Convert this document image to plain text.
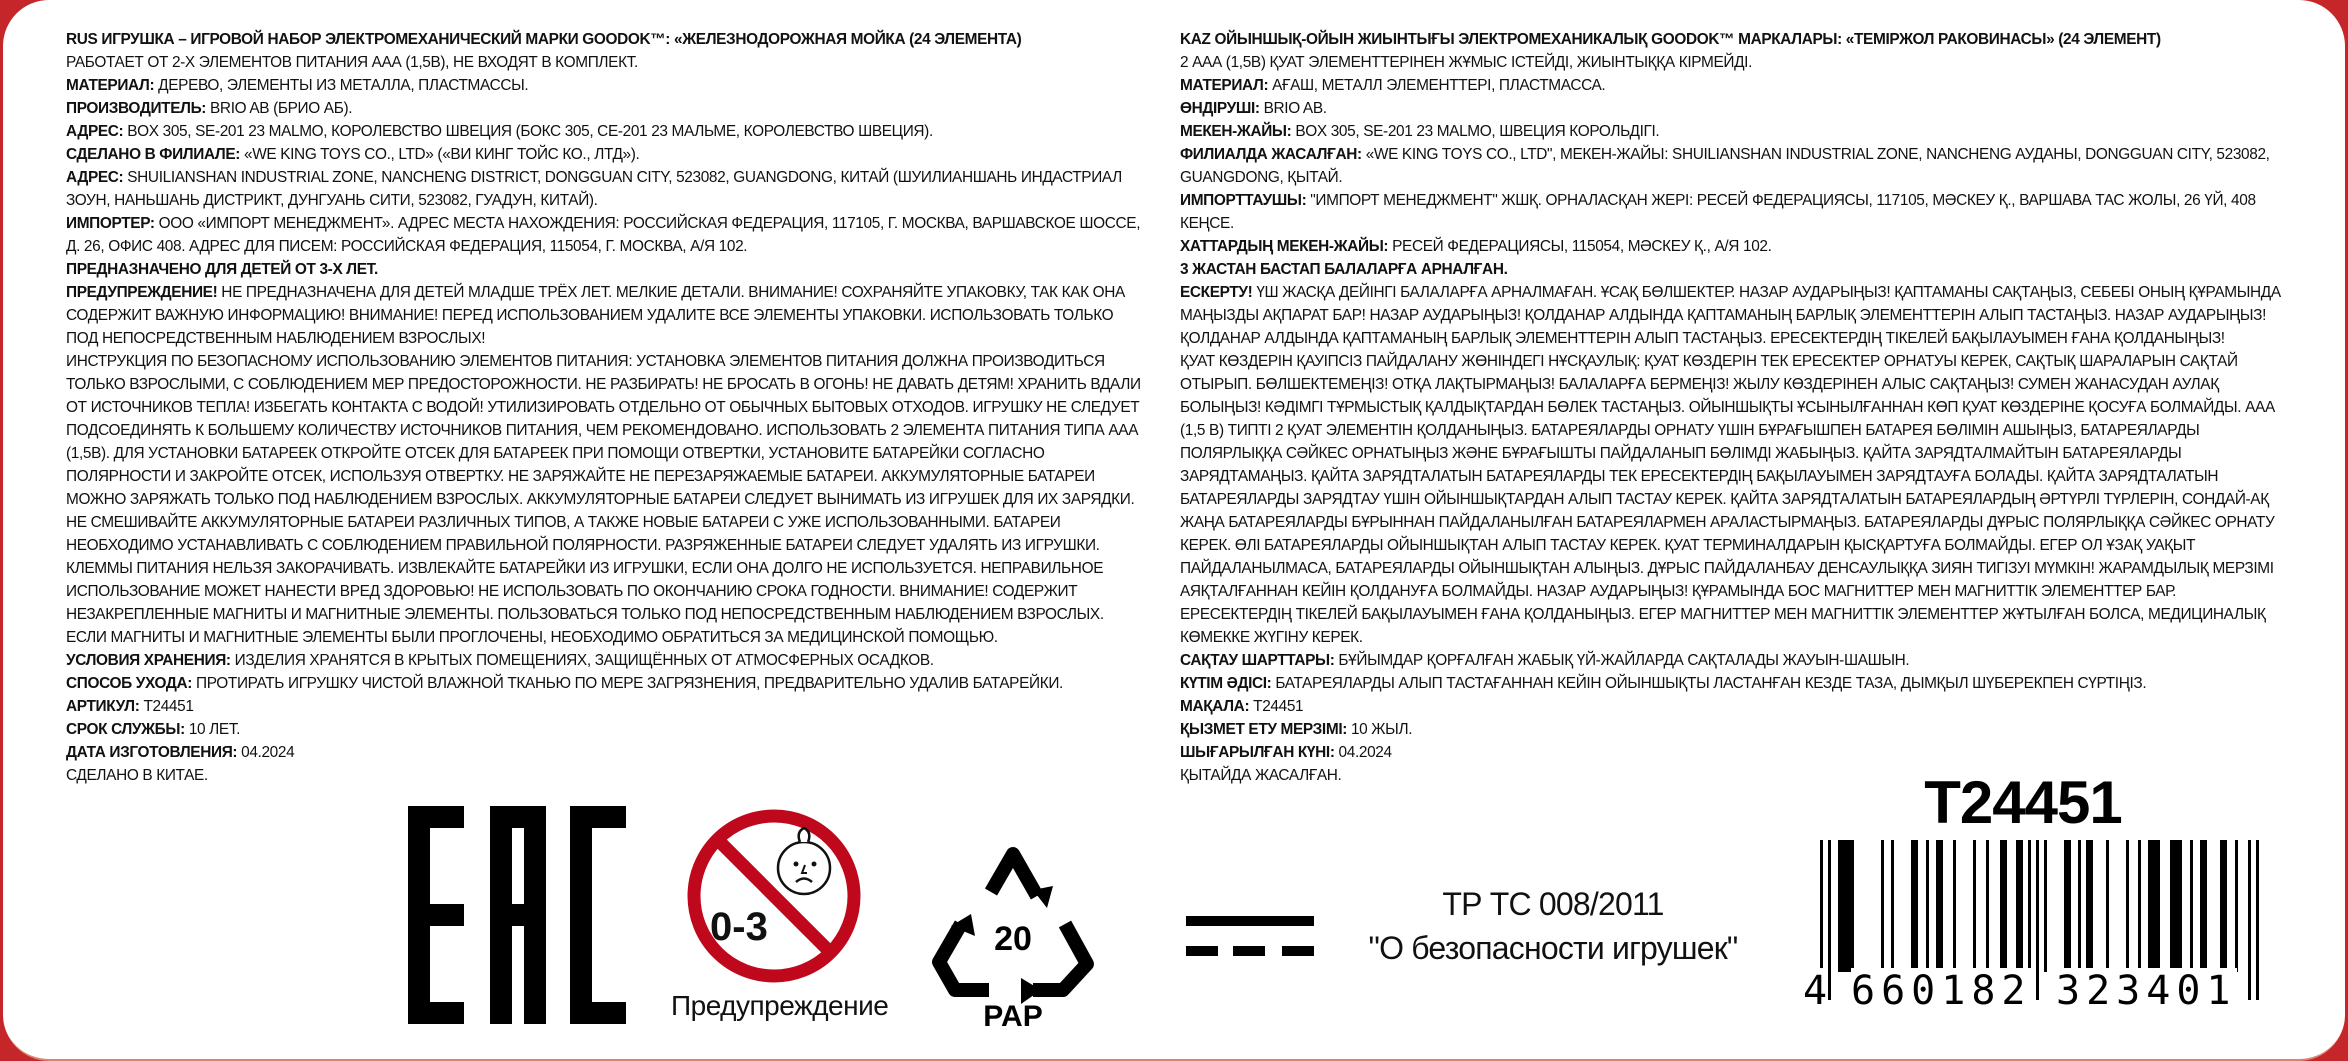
RUS ИГРУШКА – ИГРОВОЙ НАБОР ЭЛЕКТРОМЕХАНИЧЕСКИЙ МАРКИ GOODOK™: «ЖЕЛЕЗНОДОРОЖНАЯ МОЙКА (24 ЭЛЕМЕНТА)

РАБОТАЕТ ОТ 2-Х ЭЛЕМЕНТОВ ПИТАНИЯ ААА (1,5В), НЕ ВХОДЯТ В КОМПЛЕКТ.

МАТЕРИАЛ: ДЕРЕВО, ЭЛЕМЕНТЫ ИЗ МЕТАЛЛА, ПЛАСТМАССЫ.

ПРОИЗВОДИТЕЛЬ: BRIO AB (БРИО АБ).

АДРЕС: BOX 305, SE-201 23 MALMO, КОРОЛЕВСТВО ШВЕЦИЯ (БОКС 305, СЕ-201 23 МАЛЬМЕ, КОРОЛЕВСТВО ШВЕЦИЯ).

СДЕЛАНО В ФИЛИАЛЕ: «WE KING TOYS CO., LTD» («ВИ КИНГ ТОЙС КО., ЛТД»).

АДРЕС: SHUILIANSHAN INDUSTRIAL ZONE, NANCHENG DISTRICT, DONGGUAN CITY, 523082, GUANGDONG, КИТАЙ (ШУИЛИАНШАНЬ ИНДАСТРИАЛ ЗОУН, НАНЬШАНЬ ДИСТРИКТ, ДУНГУАНЬ СИТИ, 523082, ГУАДУН, КИТАЙ).

ИМПОРТЕР: ООО «ИМПОРТ МЕНЕДЖМЕНТ». АДРЕС МЕСТА НАХОЖДЕНИЯ: РОССИЙСКАЯ ФЕДЕРАЦИЯ, 117105, Г. МОСКВА, ВАРШАВСКОЕ ШОССЕ, Д. 26, ОФИС 408. АДРЕС ДЛЯ ПИСЕМ: РОССИЙСКАЯ ФЕДЕРАЦИЯ, 115054, Г. МОСКВА, А/Я 102.

ПРЕДНАЗНАЧЕНО ДЛЯ ДЕТЕЙ ОТ 3-Х ЛЕТ.

ПРЕДУПРЕЖДЕНИЕ! НЕ ПРЕДНАЗНАЧЕНА ДЛЯ ДЕТЕЙ МЛАДШЕ ТРЁХ ЛЕТ. МЕЛКИЕ ДЕТАЛИ. ВНИМАНИЕ! СОХРАНЯЙТЕ УПАКОВКУ, ТАК КАК ОНА СОДЕРЖИТ ВАЖНУЮ ИНФОРМАЦИЮ! ВНИМАНИЕ! ПЕРЕД ИСПОЛЬЗОВАНИЕМ УДАЛИТЕ ВСЕ ЭЛЕМЕНТЫ УПАКОВКИ. ИСПОЛЬЗОВАТЬ ТОЛЬКО ПОД НЕПОСРЕДСТВЕННЫМ НАБЛЮДЕНИЕМ ВЗРОСЛЫХ!

ИНСТРУКЦИЯ ПО БЕЗОПАСНОМУ ИСПОЛЬЗОВАНИЮ ЭЛЕМЕНТОВ ПИТАНИЯ: УСТАНОВКА ЭЛЕМЕНТОВ ПИТАНИЯ ДОЛЖНА ПРОИЗВОДИТЬСЯ ТОЛЬКО ВЗРОСЛЫМИ, С СОБЛЮДЕНИЕМ МЕР ПРЕДОСТОРОЖНОСТИ. НЕ РАЗБИРАТЬ! НЕ БРОСАТЬ В ОГОНЬ! НЕ ДАВАТЬ ДЕТЯМ! ХРАНИТЬ ВДАЛИ ОТ ИСТОЧНИКОВ ТЕПЛА! ИЗБЕГАТЬ КОНТАКТА С ВОДОЙ! УТИЛИЗИРОВАТЬ ОТДЕЛЬНО ОТ ОБЫЧНЫХ БЫТОВЫХ ОТХОДОВ. ИГРУШКУ НЕ СЛЕДУЕТ ПОДСОЕДИНЯТЬ К БОЛЬШЕМУ КОЛИЧЕСТВУ ИСТОЧНИКОВ ПИТАНИЯ, ЧЕМ РЕКОМЕНДОВАНО. ИСПОЛЬЗОВАТЬ 2 ЭЛЕМЕНТА ПИТАНИЯ ТИПА ААА (1,5В). ДЛЯ УСТАНОВКИ БАТАРЕЕК ОТКРОЙТЕ ОТСЕК ДЛЯ БАТАРЕЕК ПРИ ПОМОЩИ ОТВЕРТКИ, УСТАНОВИТЕ БАТАРЕЙКИ СОГЛАСНО ПОЛЯРНОСТИ И ЗАКРОЙТЕ ОТСЕК, ИСПОЛЬЗУЯ ОТВЕРТКУ. НЕ ЗАРЯЖАЙТЕ НЕ ПЕРЕЗАРЯЖАЕМЫЕ БАТАРЕИ. АККУМУЛЯТОРНЫЕ БАТАРЕИ МОЖНО ЗАРЯЖАТЬ ТОЛЬКО ПОД НАБЛЮДЕНИЕМ ВЗРОСЛЫХ. АККУМУЛЯТОРНЫЕ БАТАРЕИ СЛЕДУЕТ ВЫНИМАТЬ ИЗ ИГРУШЕК ДЛЯ ИХ ЗАРЯДКИ. НЕ СМЕШИВАЙТЕ АККУМУЛЯТОРНЫЕ БАТАРЕИ РАЗЛИЧНЫХ ТИПОВ, А ТАКЖЕ НОВЫЕ БАТАРЕИ С УЖЕ ИСПОЛЬЗОВАННЫМИ. БАТАРЕИ НЕОБХОДИМО УСТАНАВЛИВАТЬ С СОБЛЮДЕНИЕМ ПРАВИЛЬНОЙ ПОЛЯРНОСТИ. РАЗРЯЖЕННЫЕ БАТАРЕИ СЛЕДУЕТ УДАЛЯТЬ ИЗ ИГРУШКИ. КЛЕММЫ ПИТАНИЯ НЕЛЬЗЯ ЗАКОРАЧИВАТЬ. ИЗВЛЕКАЙТЕ БАТАРЕЙКИ ИЗ ИГРУШКИ, ЕСЛИ ОНА ДОЛГО НЕ ИСПОЛЬЗУЕТСЯ. НЕПРАВИЛЬНОЕ ИСПОЛЬЗОВАНИЕ МОЖЕТ НАНЕСТИ ВРЕД ЗДОРОВЬЮ! НЕ ИСПОЛЬЗОВАТЬ ПО ОКОНЧАНИЮ СРОКА ГОДНОСТИ. ВНИМАНИЕ! СОДЕРЖИТ НЕЗАКРЕПЛЕННЫЕ МАГНИТЫ И МАГНИТНЫЕ ЭЛЕМЕНТЫ. ПОЛЬЗОВАТЬСЯ ТОЛЬКО ПОД НЕПОСРЕДСТВЕННЫМ НАБЛЮДЕНИЕМ ВЗРОСЛЫХ. ЕСЛИ МАГНИТЫ И МАГНИТНЫЕ ЭЛЕМЕНТЫ БЫЛИ ПРОГЛОЧЕНЫ, НЕОБХОДИМО ОБРАТИТЬСЯ ЗА МЕДИЦИНСКОЙ ПОМОЩЬЮ.

УСЛОВИЯ ХРАНЕНИЯ: ИЗДЕЛИЯ ХРАНЯТСЯ В КРЫТЫХ ПОМЕЩЕНИЯХ, ЗАЩИЩЁННЫХ ОТ АТМОСФЕРНЫХ ОСАДКОВ.

СПОСОБ УХОДА: ПРОТИРАТЬ ИГРУШКУ ЧИСТОЙ ВЛАЖНОЙ ТКАНЬЮ ПО МЕРЕ ЗАГРЯЗНЕНИЯ, ПРЕДВАРИТЕЛЬНО УДАЛИВ БАТАРЕЙКИ.

АРТИКУЛ: T24451

СРОК СЛУЖБЫ: 10 ЛЕТ.

ДАТА ИЗГОТОВЛЕНИЯ: 04.2024

СДЕЛАНО В КИТАЕ.

KAZ ОЙЫНШЫҚ-ОЙЫН ЖИЫНТЫҒЫ ЭЛЕКТРОМЕХАНИКАЛЫҚ GOODOK™ МАРКАЛАРЫ: «ТЕМІРЖОЛ РАКОВИНАСЫ» (24 ЭЛЕМЕНТ)

2 ААА (1,5В) ҚУАТ ЭЛЕМЕНТТЕРІНЕН ЖҰМЫС ІСТЕЙДІ, ЖИЫНТЫҚҚА КІРМЕЙДІ.

МАТЕРИАЛ: АҒАШ, МЕТАЛЛ ЭЛЕМЕНТТЕРІ, ПЛАСТМАССА.

ӨНДІРУШІ: BRIO AB.

МЕКЕН-ЖАЙЫ: BOX 305, SE-201 23 MALMO, ШВЕЦИЯ КОРОЛЬДІГІ.

ФИЛИАЛДА ЖАСАЛҒАН: «WE KING TOYS CO., LTD", МЕКЕН-ЖАЙЫ: SHUILIANSHAN INDUSTRIAL ZONE, NANCHENG АУДАНЫ, DONGGUAN CITY, 523082, GUANGDONG, ҚЫТАЙ.

ИМПОРТТАУШЫ: "ИМПОРТ МЕНЕДЖМЕНТ" ЖШҚ. ОРНАЛАСҚАН ЖЕРІ: РЕСЕЙ ФЕДЕРАЦИЯСЫ, 117105, МӘСКЕУ Қ., ВАРШАВА ТАС ЖОЛЫ, 26 ҮЙ, 408 КЕҢСЕ.

ХАТТАРДЫҢ МЕКЕН-ЖАЙЫ: РЕСЕЙ ФЕДЕРАЦИЯСЫ, 115054, МӘСКЕУ Қ., А/Я 102.

3 ЖАСТАН БАСТАП БАЛАЛАРҒА АРНАЛҒАН.

ЕСКЕРТУ! ҮШ ЖАСҚА ДЕЙІНГІ БАЛАЛАРҒА АРНАЛМАҒАН. ҰСАҚ БӨЛШЕКТЕР. НАЗАР АУДАРЫҢЫЗ! ҚАПТАМАНЫ САҚТАҢЫЗ, СЕБЕБІ ОНЫҢ ҚҰРАМЫНДА МАҢЫЗДЫ АҚПАРАТ БАР! НАЗАР АУДАРЫҢЫЗ! ҚОЛДАНАР АЛДЫНДА ҚАПТАМАНЫҢ БАРЛЫҚ ЭЛЕМЕНТТЕРІН АЛЫП ТАСТАҢЫЗ. НАЗАР АУДАРЫҢЫЗ! ҚОЛДАНАР АЛДЫНДА ҚАПТАМАНЫҢ БАРЛЫҚ ЭЛЕМЕНТТЕРІН АЛЫП ТАСТАҢЫЗ. ЕРЕСЕКТЕРДІҢ ТІКЕЛЕЙ БАҚЫЛАУЫМЕН ҒАНА ҚОЛДАНЫҢЫЗ!

ҚУАТ КӨЗДЕРІН ҚАУІПСІЗ ПАЙДАЛАНУ ЖӨНІНДЕГІ НҰСҚАУЛЫҚ: ҚУАТ КӨЗДЕРІН ТЕК ЕРЕСЕКТЕР ОРНАТУЫ КЕРЕК, САҚТЫҚ ШАРАЛАРЫН САҚТАЙ ОТЫРЫП. БӨЛШЕКТЕМЕҢІЗ! ОТҚА ЛАҚТЫРМАҢЫЗ! БАЛАЛАРҒА БЕРМЕҢІЗ! ЖЫЛУ КӨЗДЕРІНЕН АЛЫС САҚТАҢЫЗ! СУМЕН ЖАНАСУДАН АУЛАҚ БОЛЫҢЫЗ! КӘДІМГІ ТҰРМЫСТЫҚ ҚАЛДЫҚТАРДАН БӨЛЕК ТАСТАҢЫЗ. ОЙЫНШЫҚТЫ ҰСЫНЫЛҒАННАН КӨП ҚУАТ КӨЗДЕРІНЕ ҚОСУҒА БОЛМАЙДЫ. ААА (1,5 В) ТИПТІ 2 ҚУАТ ЭЛЕМЕНТІН ҚОЛДАНЫҢЫЗ. БАТАРЕЯЛАРДЫ ОРНАТУ ҮШІН БҰРАҒЫШПЕН БАТАРЕЯ БӨЛІМІН АШЫҢЫЗ, БАТАРЕЯЛАРДЫ ПОЛЯРЛЫҚҚА СӘЙКЕС ОРНАТЫҢЫЗ ЖӘНЕ БҰРАҒЫШТЫ ПАЙДАЛАНЫП БӨЛІМДІ ЖАБЫҢЫЗ. ҚАЙТА ЗАРЯДТАЛМАЙТЫН БАТАРЕЯЛАРДЫ ЗАРЯДТАМАҢЫЗ. ҚАЙТА ЗАРЯДТАЛАТЫН БАТАРЕЯЛАРДЫ ТЕК ЕРЕСЕКТЕРДІҢ БАҚЫЛАУЫМЕН ЗАРЯДТАУҒА БОЛАДЫ. ҚАЙТА ЗАРЯДТАЛАТЫН БАТАРЕЯЛАРДЫ ЗАРЯДТАУ ҮШІН ОЙЫНШЫҚТАРДАН АЛЫП ТАСТАУ КЕРЕК. ҚАЙТА ЗАРЯДТАЛАТЫН БАТАРЕЯЛАРДЫҢ ӘРТҮРЛІ ТҮРЛЕРІН, СОНДАЙ-АҚ ЖАҢА БАТАРЕЯЛАРДЫ БҰРЫННАН ПАЙДАЛАНЫЛҒАН БАТАРЕЯЛАРМЕН АРАЛАСТЫРМАҢЫЗ. БАТАРЕЯЛАРДЫ ДҰРЫС ПОЛЯРЛЫҚҚА СӘЙКЕС ОРНАТУ КЕРЕК. ӨЛІ БАТАРЕЯЛАРДЫ ОЙЫНШЫҚТАН АЛЫП ТАСТАУ КЕРЕК. ҚУАТ ТЕРМИНАЛДАРЫН ҚЫСҚАРТУҒА БОЛМАЙДЫ. ЕГЕР ОЛ ҰЗАҚ УАҚЫТ ПАЙДАЛАНЫЛМАСА, БАТАРЕЯЛАРДЫ ОЙЫНШЫҚТАН АЛЫҢЫЗ. ДҰРЫС ПАЙДАЛАНБАУ ДЕНСАУЛЫҚҚА ЗИЯН ТИГІЗУІ МҮМКІН! ЖАРАМДЫЛЫҚ МЕРЗІМІ АЯҚТАЛҒАННАН КЕЙІН ҚОЛДАНУҒА БОЛМАЙДЫ. НАЗАР АУДАРЫҢЫЗ! ҚҰРАМЫНДА БОС МАГНИТТЕР МЕН МАГНИТТІК ЭЛЕМЕНТТЕР БАР. ЕРЕСЕКТЕРДІҢ ТІКЕЛЕЙ БАҚЫЛАУЫМЕН ҒАНА ҚОЛДАНЫҢЫЗ. ЕГЕР МАГНИТТЕР МЕН МАГНИТТІК ЭЛЕМЕНТТЕР ЖҰТЫЛҒАН БОЛСА, МЕДИЦИНАЛЫҚ КӨМЕККЕ ЖҮГІНУ КЕРЕК.

САҚТАУ ШАРТТАРЫ: БҰЙЫМДАР ҚОРҒАЛҒАН ЖАБЫҚ ҮЙ-ЖАЙЛАРДА САҚТАЛАДЫ ЖАУЫН-ШАШЫН.

КҮТІМ ӘДІСІ: БАТАРЕЯЛАРДЫ АЛЫП ТАСТАҒАННАН КЕЙІН ОЙЫНШЫҚТЫ ЛАСТАНҒАН КЕЗДЕ ТАЗА, ДЫМҚЫЛ ШҮБЕРЕКПЕН СҮРТІҢІЗ.

МАҚАЛА: T24451

ҚЫЗМЕТ ЕТУ МЕРЗІМІ: 10 ЖЫЛ.

ШЫҒАРЫЛҒАН КҮНІ: 04.2024

ҚЫТАЙДА ЖАСАЛҒАН.

0-3
Предупреждение
20
PAP
ТР ТС 008/2011
"О безопасности игрушек"
T24451
4 660182 323401
